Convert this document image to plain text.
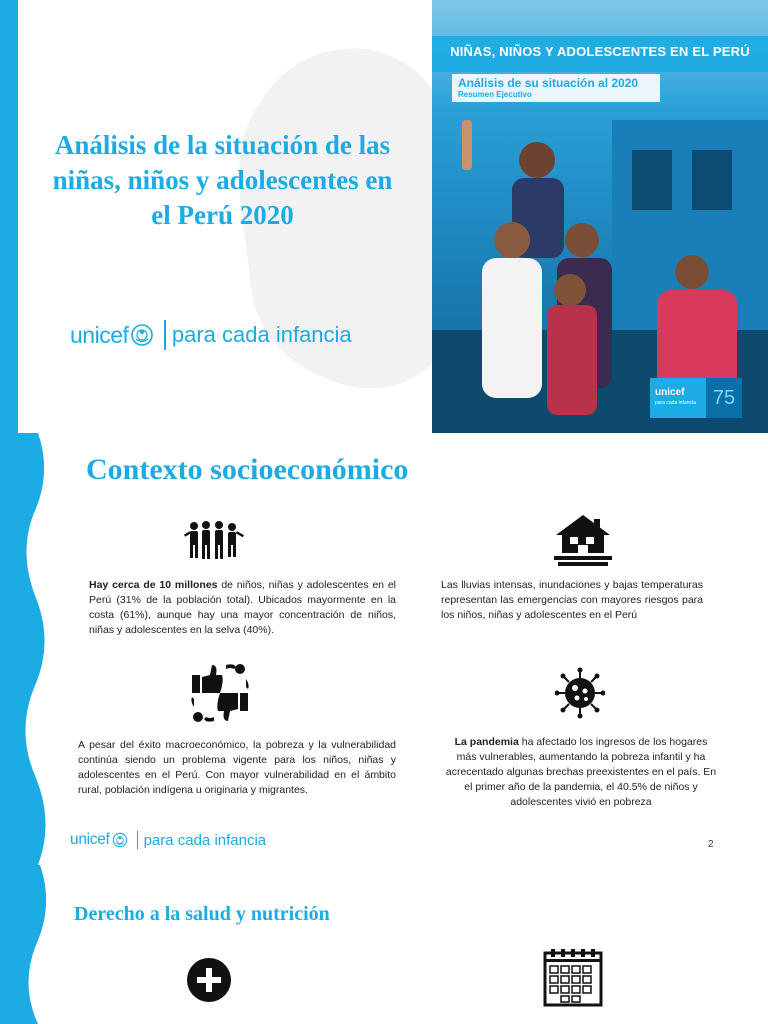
Análisis de la situación de las niñas, niños y adolescentes en el Perú 2020
unicef para cada infancia
NIÑAS, NIÑOS Y ADOLESCENTES EN EL PERÚ
Análisis de su situación al 2020
Resumen Ejecutivo
unicef
para cada infancia 75
Contexto socioeconómico

Hay cerca de 10 millones de niños, niñas y adolescentes en el Perú (31% de la población total). Ubicados mayormente en la costa (61%), aunque hay una mayor concentración de niños, niñas y adolescentes en la selva (40%).

Las lluvias intensas, inundaciones y bajas temperaturas representan las emergencias con mayores riesgos para los niños, niñas y adolescentes en el Perú

A pesar del éxito macroeconómico, la pobreza y la vulnerabilidad continúa siendo un problema vigente para los niños, niñas y adolescentes en el Perú. Con mayor vulnerabilidad en el ámbito rural, población indígena u originaria y migrantes.

La pandemia ha afectado los ingresos de los hogares más vulnerables, aumentando la pobreza infantil y ha acrecentado algunas brechas preexistentes en el país. En el primer año de la pandemia, el 40.5% de niños y adolescentes vivió en pobreza

unicef para cada infancia	2
Derecho a la salud y nutrición
